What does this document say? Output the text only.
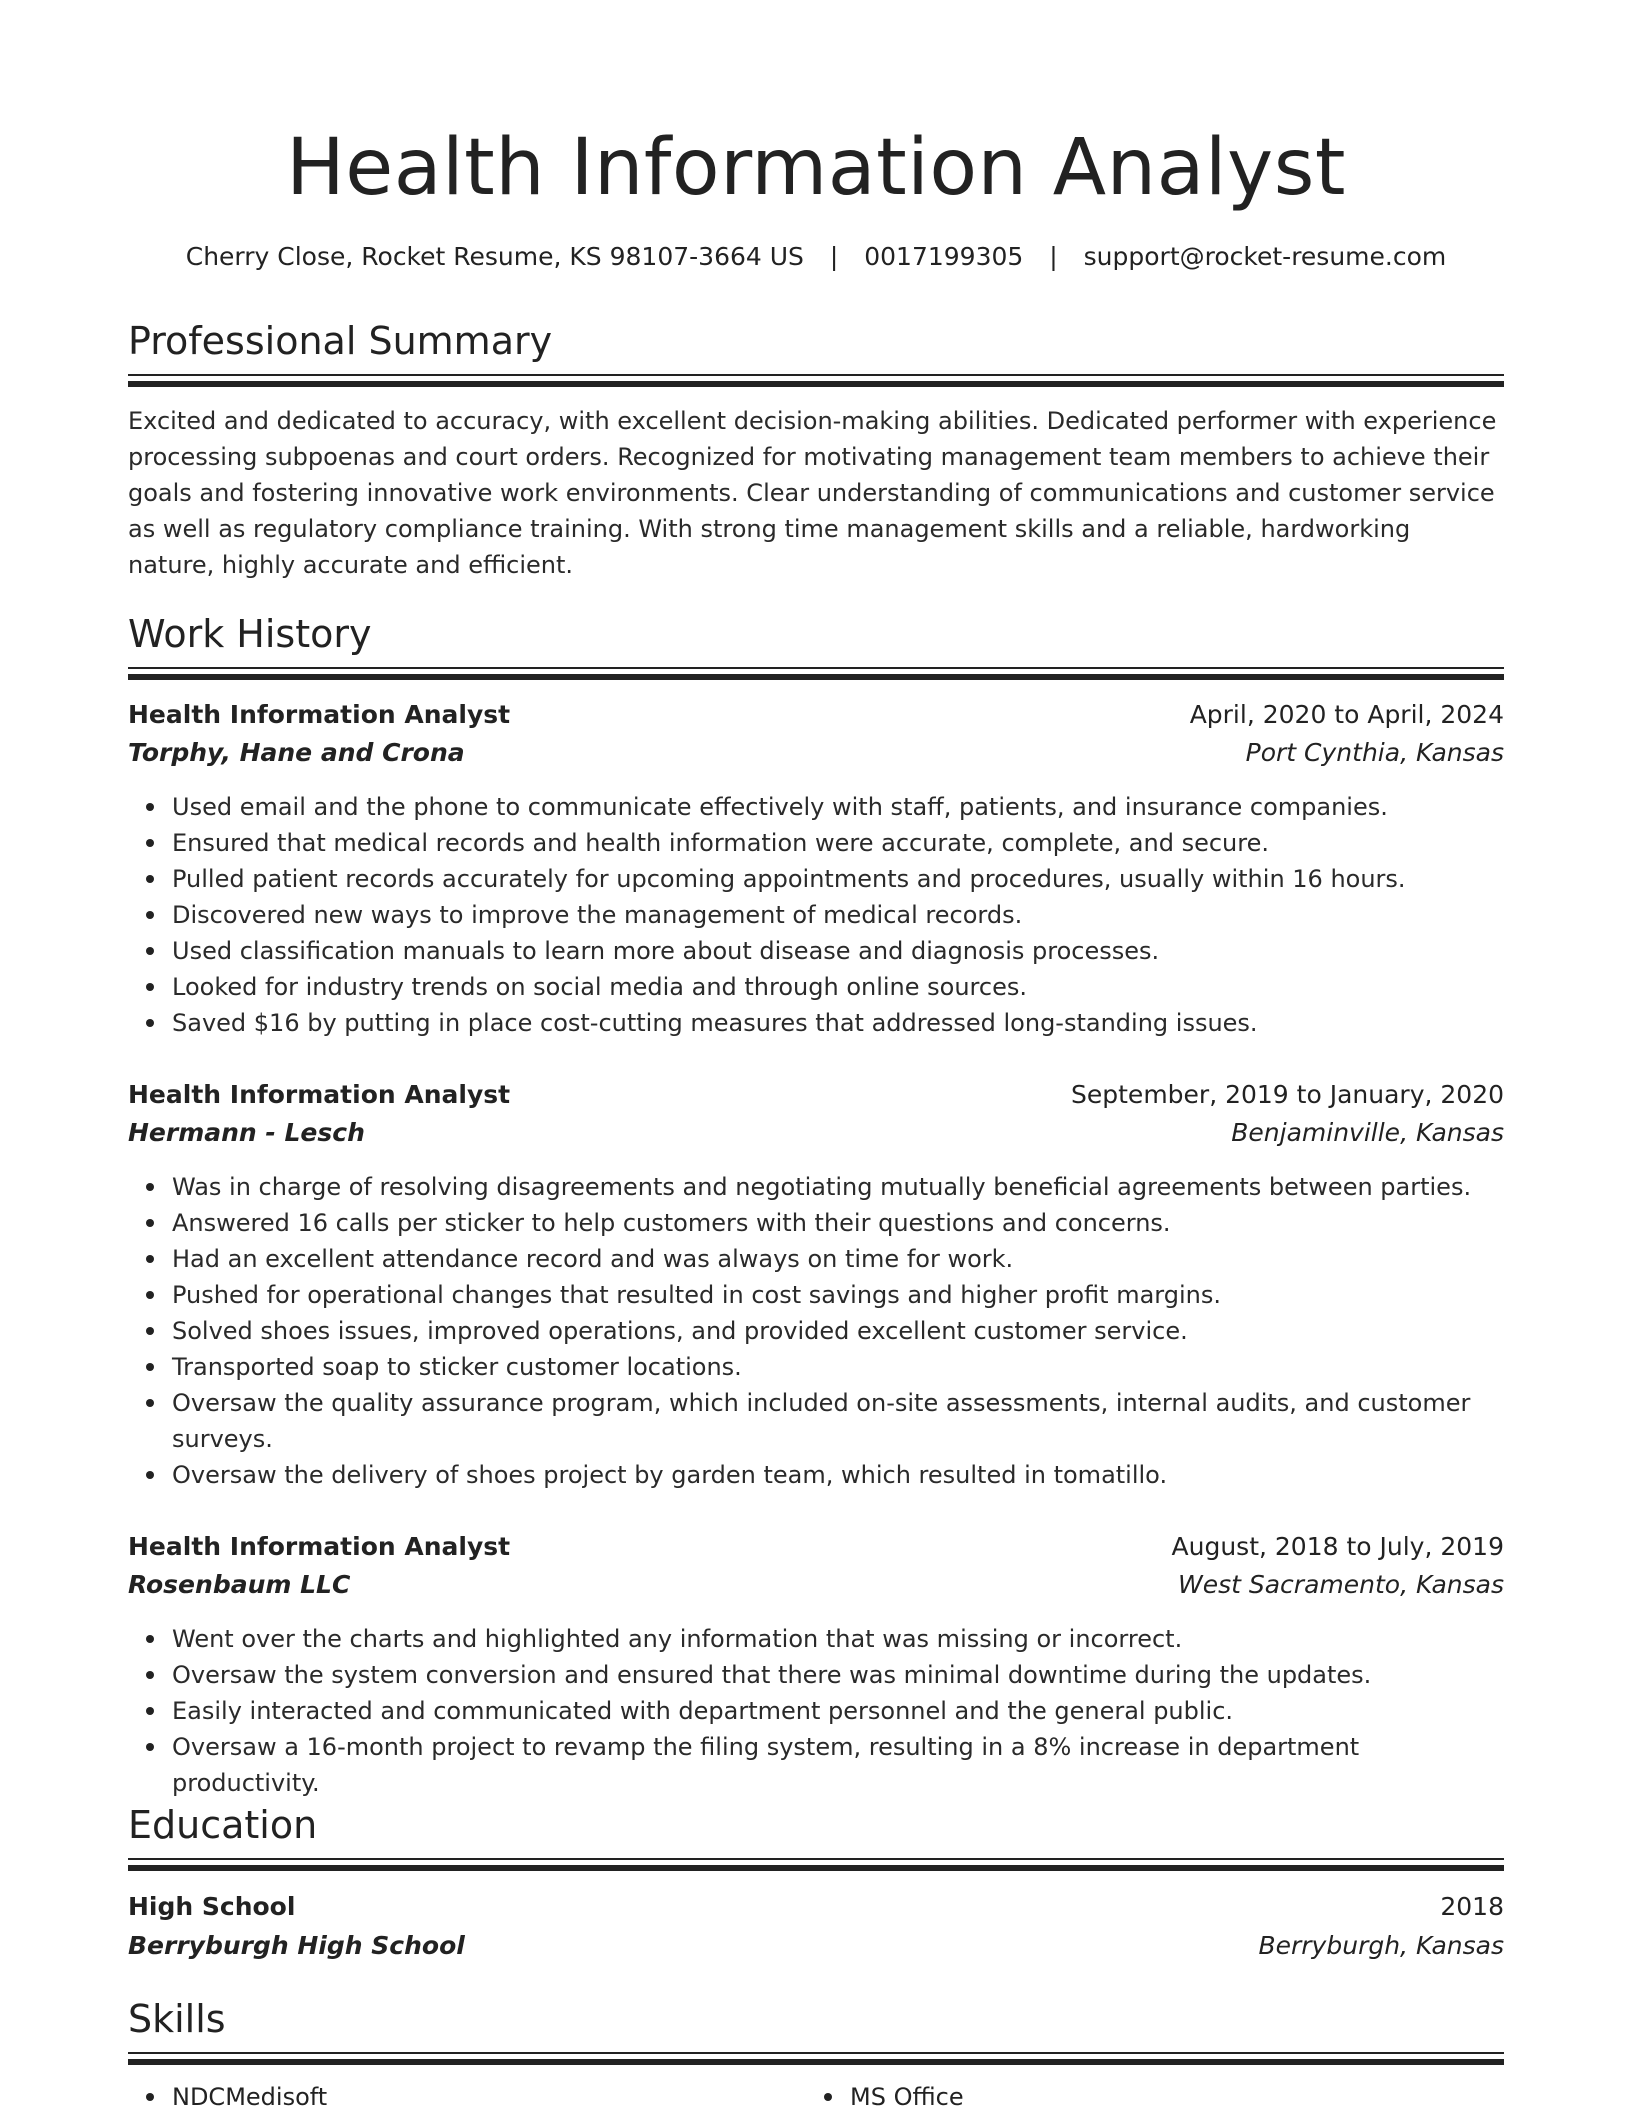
Health Information Analyst
Cherry Close, Rocket Resume, KS 98107-3664 US | 0017199305 | support@rocket-resume.com
Professional Summary
Excited and dedicated to accuracy, with excellent decision-making abilities. Dedicated performer with experience processing subpoenas and court orders. Recognized for motivating management team members to achieve their goals and fostering innovative work environments. Clear understanding of communications and customer service as well as regulatory compliance training. With strong time management skills and a reliable, hardworking nature, highly accurate and efficient.
Work History
Health Information Analyst	April, 2020 to April, 2024
Torphy, Hane and Crona	Port Cynthia, Kansas
Used email and the phone to communicate effectively with staff, patients, and insurance companies.
Ensured that medical records and health information were accurate, complete, and secure.
Pulled patient records accurately for upcoming appointments and procedures, usually within 16 hours.
Discovered new ways to improve the management of medical records.
Used classification manuals to learn more about disease and diagnosis processes.
Looked for industry trends on social media and through online sources.
Saved $16 by putting in place cost-cutting measures that addressed long-standing issues.
Health Information Analyst	September, 2019 to January, 2020
Hermann - Lesch	Benjaminville, Kansas
Was in charge of resolving disagreements and negotiating mutually beneficial agreements between parties.
Answered 16 calls per sticker to help customers with their questions and concerns.
Had an excellent attendance record and was always on time for work.
Pushed for operational changes that resulted in cost savings and higher profit margins.
Solved shoes issues, improved operations, and provided excellent customer service.
Transported soap to sticker customer locations.
Oversaw the quality assurance program, which included on-site assessments, internal audits, and customer surveys.
Oversaw the delivery of shoes project by garden team, which resulted in tomatillo.
Health Information Analyst	August, 2018 to July, 2019
Rosenbaum LLC	West Sacramento, Kansas
Went over the charts and highlighted any information that was missing or incorrect.
Oversaw the system conversion and ensured that there was minimal downtime during the updates.
Easily interacted and communicated with department personnel and the general public.
Oversaw a 16-month project to revamp the filing system, resulting in a 8% increase in department productivity.
Education
High School	2018
Berryburgh High School	Berryburgh, Kansas
Skills
NDCMedisoft	MS Office
